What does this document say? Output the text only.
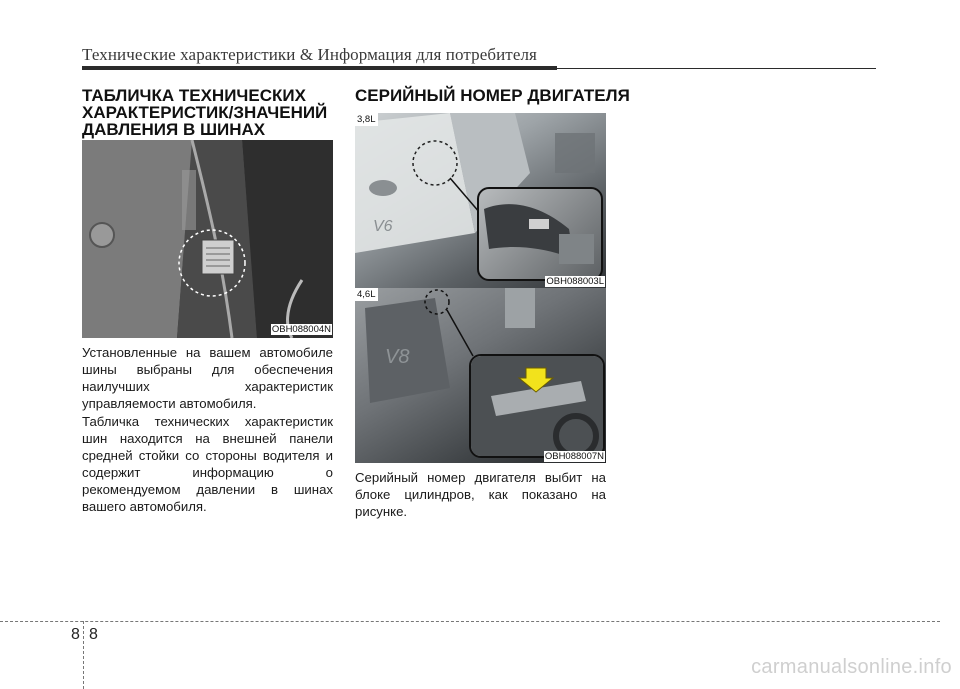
Технические характеристики & Информация для потребителя
ТАБЛИЧКА ТЕХНИЧЕСКИХ
ХАРАКТЕРИСТИК/ЗНАЧЕНИЙ
ДАВЛЕНИЯ В ШИНАХ
OBH088004N
Установленные на вашем автомобиле
шины выбраны для обеспечения
наилучших характеристик
управляемости автомобиля.
Табличка технических характеристик
шин находится на внешней панели
средней стойки со стороны водителя и
содержит информацию о
рекомендуемом давлении в шинах
вашего автомобиля.
СЕРИЙНЫЙ НОМЕР ДВИГАТЕЛЯ
V6
3,8L
OBH088003L
V8
4,6L
OBH088007N
Серийный номер двигателя выбит на
блоке цилиндров, как показано на
рисунке.
8 8
carmanualsonline.info
